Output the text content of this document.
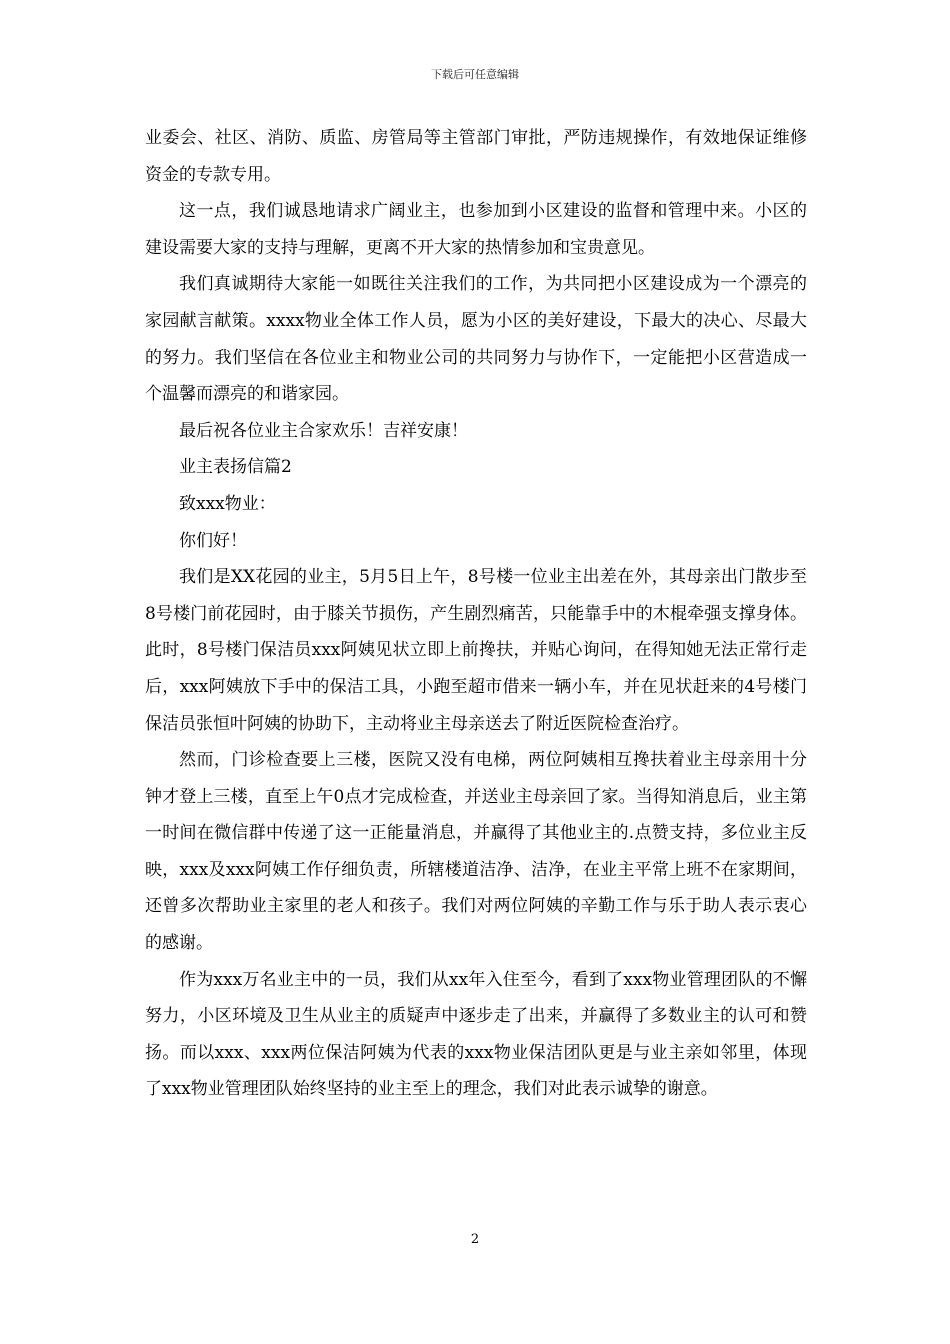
下载后可任意编辑

业委会、社区、消防、质监、房管局等主管部门审批，严防违规操作，有效地保证维修资金的专款专用。

这一点，我们诚恳地请求广阔业主，也参加到小区建设的监督和管理中来。小区的建设需要大家的支持与理解，更离不开大家的热情参加和宝贵意见。

我们真诚期待大家能一如既往关注我们的工作，为共同把小区建设成为一个漂亮的家园献言献策。xxxx物业全体工作人员，愿为小区的美好建设，下最大的决心、尽最大的努力。我们坚信在各位业主和物业公司的共同努力与协作下，一定能把小区营造成一个温馨而漂亮的和谐家园。

最后祝各位业主合家欢乐！吉祥安康！

业主表扬信篇2

致xxx物业：

你们好！

我们是XX花园的业主，5月5日上午，8号楼一位业主出差在外，其母亲出门散步至8号楼门前花园时，由于膝关节损伤，产生剧烈痛苦，只能靠手中的木棍牵强支撑身体。此时，8号楼门保洁员xxx阿姨见状立即上前搀扶，并贴心询问，在得知她无法正常行走后，xxx阿姨放下手中的保洁工具，小跑至超市借来一辆小车，并在见状赶来的4号楼门保洁员张恒叶阿姨的协助下，主动将业主母亲送去了附近医院检查治疗。

然而，门诊检查要上三楼，医院又没有电梯，两位阿姨相互搀扶着业主母亲用十分钟才登上三楼，直至上午0点才完成检查，并送业主母亲回了家。当得知消息后，业主第一时间在微信群中传递了这一正能量消息，并赢得了其他业主的.点赞支持，多位业主反映，xxx及xxx阿姨工作仔细负责，所辖楼道洁净、洁净，在业主平常上班不在家期间，还曾多次帮助业主家里的老人和孩子。我们对两位阿姨的辛勤工作与乐于助人表示衷心的感谢。

作为xxx万名业主中的一员，我们从xx年入住至今，看到了xxx物业管理团队的不懈努力，小区环境及卫生从业主的质疑声中逐步走了出来，并赢得了多数业主的认可和赞扬。而以xxx、xxx两位保洁阿姨为代表的xxx物业保洁团队更是与业主亲如邻里，体现了xxx物业管理团队始终坚持的业主至上的理念，我们对此表示诚挚的谢意。

2
